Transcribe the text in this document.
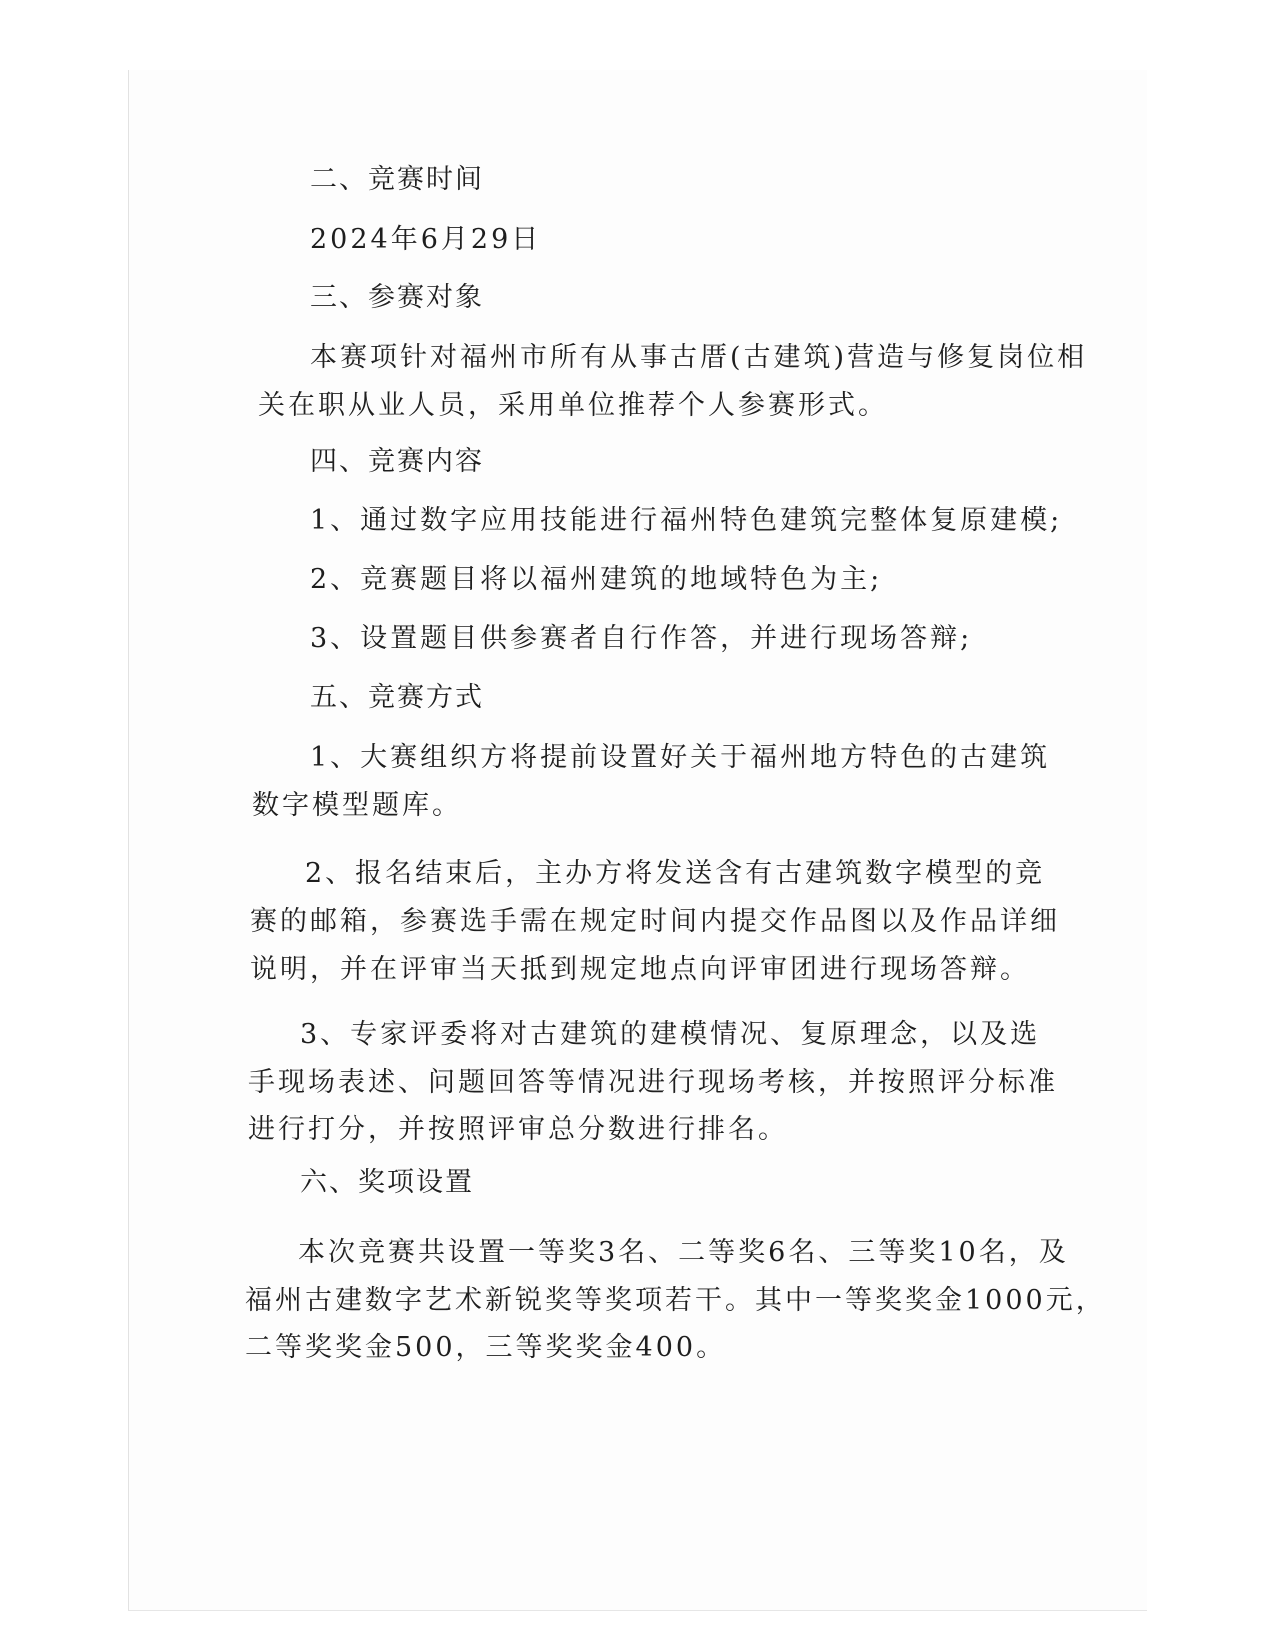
二、竞赛时间
2024年6月29日
三、参赛对象
本赛项针对福州市所有从事古厝(古建筑)营造与修复岗位相
关在职从业人员，采用单位推荐个人参赛形式。
四、竞赛内容
1、通过数字应用技能进行福州特色建筑完整体复原建模;
2、竞赛题目将以福州建筑的地域特色为主;
3、设置题目供参赛者自行作答，并进行现场答辩;
五、竞赛方式
1、大赛组织方将提前设置好关于福州地方特色的古建筑
数字模型题库。
2、报名结束后，主办方将发送含有古建筑数字模型的竞
赛的邮箱，参赛选手需在规定时间内提交作品图以及作品详细
说明，并在评审当天抵到规定地点向评审团进行现场答辩。
3、专家评委将对古建筑的建模情况、复原理念，以及选
手现场表述、问题回答等情况进行现场考核，并按照评分标准
进行打分，并按照评审总分数进行排名。
六、奖项设置
本次竞赛共设置一等奖3名、二等奖6名、三等奖10名，及
福州古建数字艺术新锐奖等奖项若干。其中一等奖奖金1000元，
二等奖奖金500，三等奖奖金400。
